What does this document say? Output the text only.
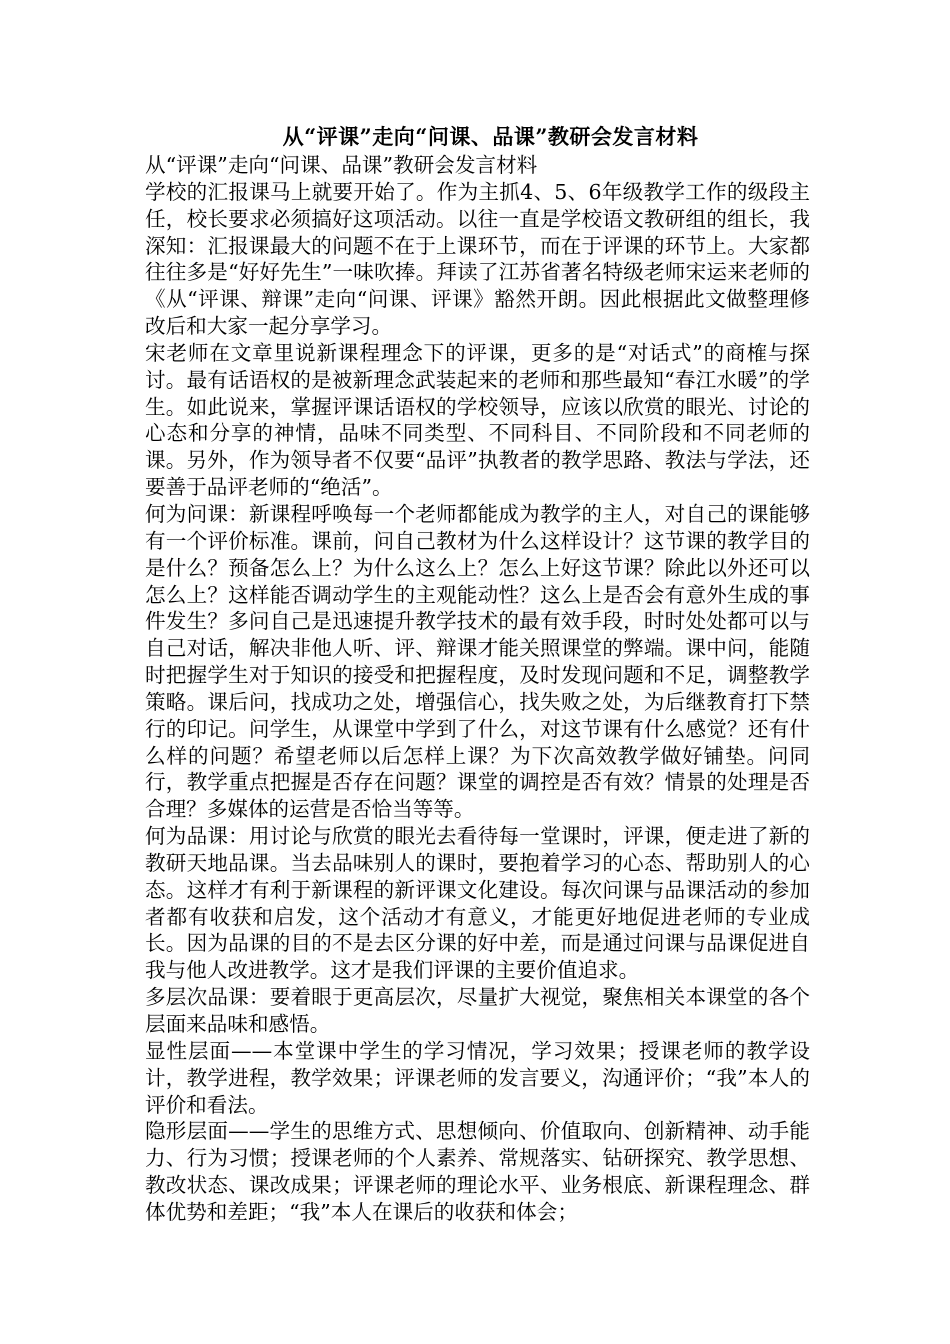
从“评课”走向“问课、品课”教研会发言材料

从“评课”走向“问课、品课”教研会发言材料

学校的汇报课马上就要开始了。作为主抓4、5、6年级教学工作的级段主任，校长要求必须搞好这项活动。以往一直是学校语文教研组的组长，我深知：汇报课最大的问题不在于上课环节，而在于评课的环节上。大家都往往多是“好好先生”一味吹捧。拜读了江苏省著名特级老师宋运来老师的《从“评课、辩课”走向“问课、评课》豁然开朗。因此根据此文做整理修改后和大家一起分享学习。

宋老师在文章里说新课程理念下的评课，更多的是“对话式”的商榷与探讨。最有话语权的是被新理念武装起来的老师和那些最知“春江水暖”的学生。如此说来，掌握评课话语权的学校领导，应该以欣赏的眼光、讨论的心态和分享的神情，品味不同类型、不同科目、不同阶段和不同老师的课。另外，作为领导者不仅要“品评”执教者的教学思路、教法与学法，还要善于品评老师的“绝活”。

何为问课：新课程呼唤每一个老师都能成为教学的主人，对自己的课能够有一个评价标准。课前，问自己教材为什么这样设计？这节课的教学目的是什么？预备怎么上？为什么这么上？怎么上好这节课？除此以外还可以怎么上？这样能否调动学生的主观能动性？这么上是否会有意外生成的事件发生？多问自己是迅速提升教学技术的最有效手段，时时处处都可以与自己对话，解决非他人听、评、辩课才能关照课堂的弊端。课中问，能随时把握学生对于知识的接受和把握程度，及时发现问题和不足，调整教学策略。课后问，找成功之处，增强信心，找失败之处，为后继教育打下禁行的印记。问学生，从课堂中学到了什么，对这节课有什么感觉？还有什么样的问题？希望老师以后怎样上课？为下次高效教学做好铺垫。问同行，教学重点把握是否存在问题？课堂的调控是否有效？情景的处理是否合理？多媒体的运营是否恰当等等。

何为品课：用讨论与欣赏的眼光去看待每一堂课时，评课，便走进了新的教研天地品课。当去品味别人的课时，要抱着学习的心态、帮助别人的心态。这样才有利于新课程的新评课文化建设。每次问课与品课活动的参加者都有收获和启发，这个活动才有意义，才能更好地促进老师的专业成长。因为品课的目的不是去区分课的好中差，而是通过问课与品课促进自我与他人改进教学。这才是我们评课的主要价值追求。

多层次品课：要着眼于更高层次，尽量扩大视觉，聚焦相关本课堂的各个层面来品味和感悟。

显性层面——本堂课中学生的学习情况，学习效果；授课老师的教学设计，教学进程，教学效果；评课老师的发言要义，沟通评价；“我”本人的评价和看法。

隐形层面——学生的思维方式、思想倾向、价值取向、创新精神、动手能力、行为习惯；授课老师的个人素养、常规落实、钻研探究、教学思想、教改状态、课改成果；评课老师的理论水平、业务根底、新课程理念、群体优势和差距；“我”本人在课后的收获和体会；
